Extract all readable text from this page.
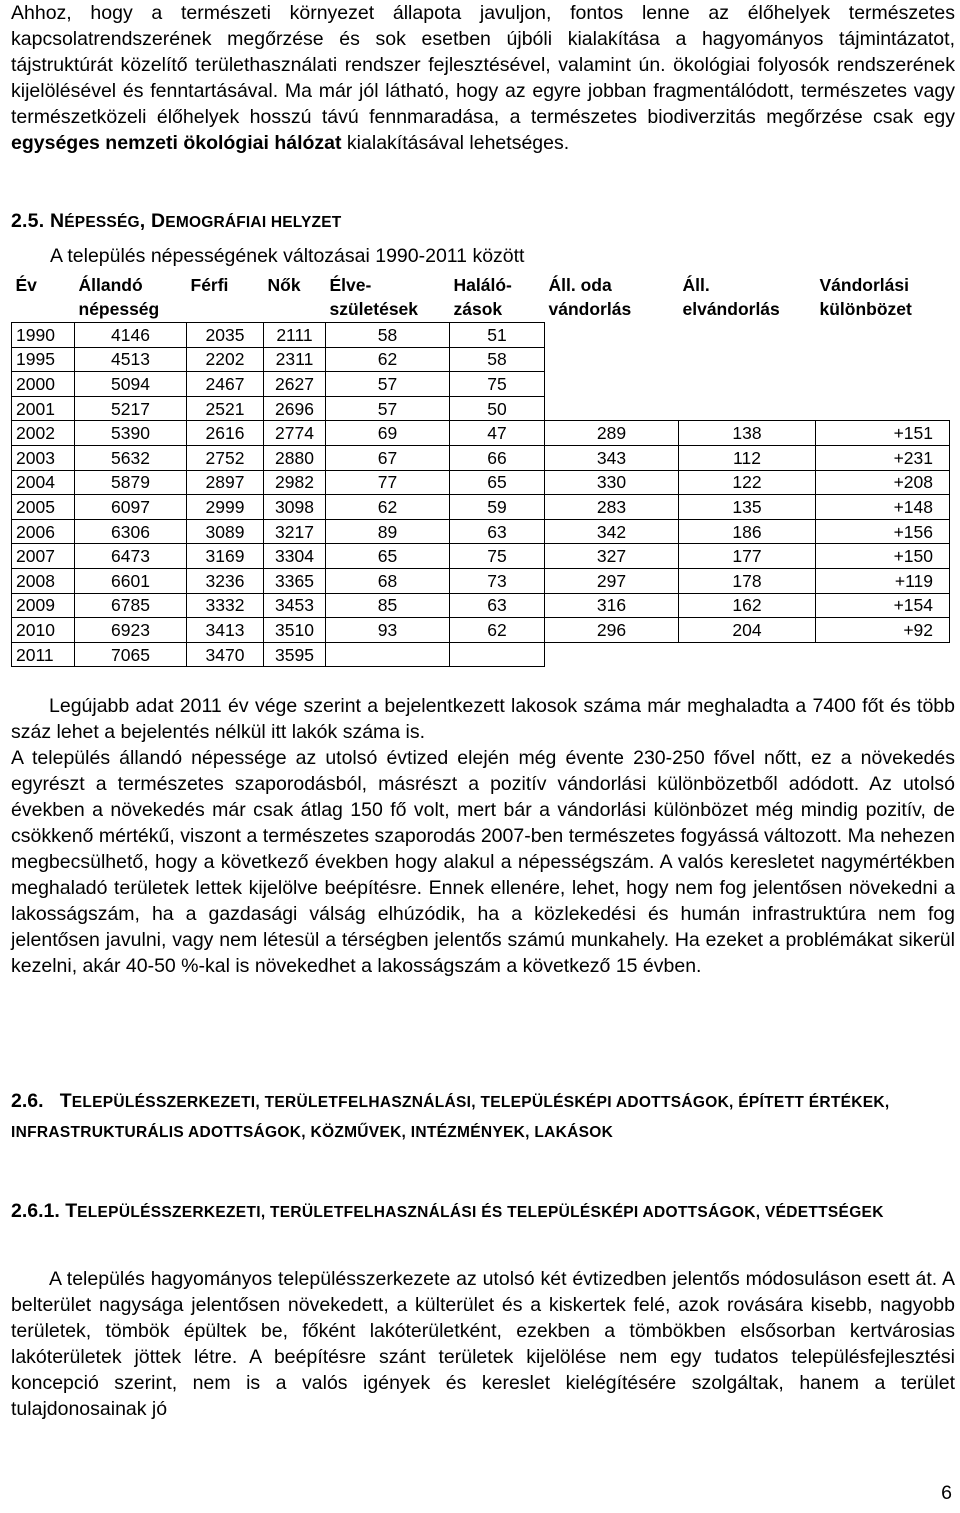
Ahhoz, hogy a természeti környezet állapota javuljon, fontos lenne az élőhelyek természetes kapcsolatrendszerének megőrzése és sok esetben újbóli kialakítása a hagyományos tájmintázatot, tájstruktúrát közelítő területhasználati rendszer fejlesztésével, valamint ún. ökológiai folyosók rendszerének kijelölésével és fenntartásával. Ma már jól látható, hogy az egyre jobban fragmentálódott, természetes vagy természetközeli élőhelyek hosszú távú fennmaradása, a természetes biodiverzitás megőrzése csak egy egységes nemzeti ökológiai hálózat kialakításával lehetséges.

2.5. NÉPESSÉG, DEMOGRÁFIAI HELYZET
A település népességének változásai 1990-2011 között
Év	Állandó népesség	Férfi	Nők	Élve-születések	Haláló-zások	Áll. oda vándorlás	Áll. elvándorlás	Vándorlási különbözet
1990	4146	2035	2111	58	51			
1995	4513	2202	2311	62	58			
2000	5094	2467	2627	57	75			
2001	5217	2521	2696	57	50			
2002	5390	2616	2774	69	47	289	138	+151
2003	5632	2752	2880	67	66	343	112	+231
2004	5879	2897	2982	77	65	330	122	+208
2005	6097	2999	3098	62	59	283	135	+148
2006	6306	3089	3217	89	63	342	186	+156
2007	6473	3169	3304	65	75	327	177	+150
2008	6601	3236	3365	68	73	297	178	+119
2009	6785	3332	3453	85	63	316	162	+154
2010	6923	3413	3510	93	62	296	204	+92
2011	7065	3470	3595					

Legújabb adat 2011 év vége szerint a bejelentkezett lakosok száma már meghaladta a 7400 főt és több száz lehet a bejelentés nélkül itt lakók száma is.

A település állandó népessége az utolsó évtized elején még évente 230-250 fővel nőtt, ez a növekedés egyrészt a természetes szaporodásból, másrészt a pozitív vándorlási különbözetből adódott. Az utolsó években a növekedés már csak átlag 150 fő volt, mert bár a vándorlási különbözet még mindig pozitív, de csökkenő mértékű, viszont a természetes szaporodás 2007-ben természetes fogyássá változott. Ma nehezen megbecsülhető, hogy a következő években hogy alakul a népességszám. A valós keresletet nagymértékben meghaladó területek lettek kijelölve beépítésre. Ennek ellenére, lehet, hogy nem fog jelentősen növekedni a lakosságszám, ha a gazdasági válság elhúzódik, ha a közlekedési és humán infrastruktúra nem fog jelentősen javulni, vagy nem létesül a térségben jelentős számú munkahely. Ha ezeket a problémákat sikerül kezelni, akár 40-50 %-kal is növekedhet a lakosságszám a következő 15 évben.

2.6. TELEPÜLÉSSZERKEZETI, TERÜLETFELHASZNÁLÁSI, TELEPÜLÉSKÉPI ADOTTSÁGOK, ÉPÍTETT ÉRTÉKEK, INFRASTRUKTURÁLIS ADOTTSÁGOK, KÖZMŰVEK, INTÉZMÉNYEK, LAKÁSOK
2.6.1. TELEPÜLÉSSZERKEZETI, TERÜLETFELHASZNÁLÁSI ÉS TELEPÜLÉSKÉPI ADOTTSÁGOK, VÉDETTSÉGEK

A település hagyományos településszerkezete az utolsó két évtizedben jelentős módosuláson esett át. A belterület nagysága jelentősen növekedett, a külterület és a kiskertek felé, azok rovására kisebb, nagyobb területek, tömbök épültek be, főként lakóterületként, ezekben a tömbökben elsősorban kertvárosias lakóterületek jöttek létre. A beépítésre szánt területek kijelölése nem egy tudatos településfejlesztési koncepció szerint, nem is a valós igények és kereslet kielégítésére szolgáltak, hanem a terület tulajdonosainak jó

6
